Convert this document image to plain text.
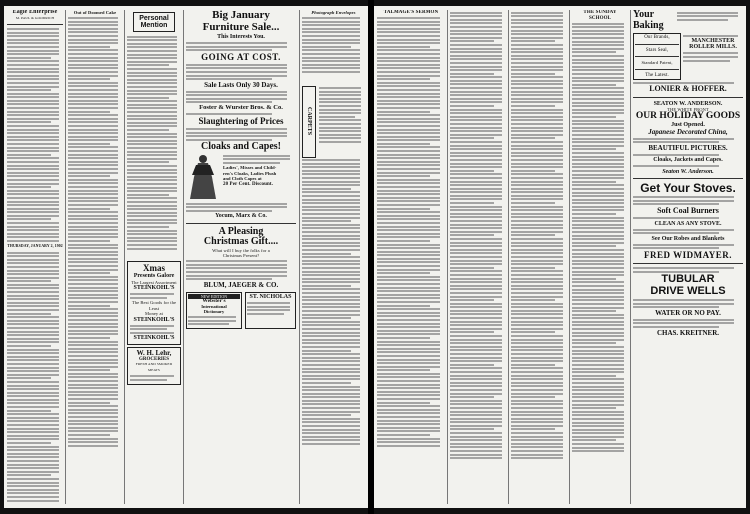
Eagle Enterprise
M. PAUL & GOODRICH
THURSDAY, JANUARY 2, 1902
Out of Doomed Cake
Personal
Mention
Xmas
Presents Galore
The Largest Assortment
STEINKOHL'S
The Best Goods for the Least
Money at
STEINKOHL'S
STEINKOHL'S
W. H. Lehr,
GROCERIES
FRESH AND SMOKED MEATS
Big January
Furniture Sale...
This Interests You.
GOING AT COST.
Sale Lasts Only 30 Days.
Foster & Wurster Bros. & Co.
Slaughtering of Prices
Cloaks and Capes!
Ladies', Misses and Child-
ren's Cloaks, Ladies Plush
and Cloth Capes at
20 Per Cent. Discount.
Yocum, Marx & Co.
A Pleasing
Christmas Gift....
What will I buy the folks for a
Christmas Present?
BLUM, JAEGER & CO.
NEW EDITION
Webster's
International
Dictionary
ST. NICHOLAS
Photograph Envelopes
CARPETS
TALMAGE'S SERMON	THE SUNDAY SCHOOL	Your
Baking
Our Brands,
Stars Seal,
Standard Patent,
The Latest.
MANCHESTER
ROLLER MILLS.
LONIER & HOFFER.
SEATON W. ANDERSON.
THE WHITE FRONT
OUR HOLIDAY GOODS
Just Opened.
Japanese Decorated China,
BEAUTIFUL PICTURES.
Cloaks, Jackets and Capes.
Seaton W. Anderson.
Get Your Stoves.
Soft Coal Burners
CLEAN AS ANY STOVE.
See Our Robes and Blankets
FRED WIDMAYER.
TUBULAR
DRIVE WELLS
WATER OR NO PAY.
CHAS. KREITNER.
